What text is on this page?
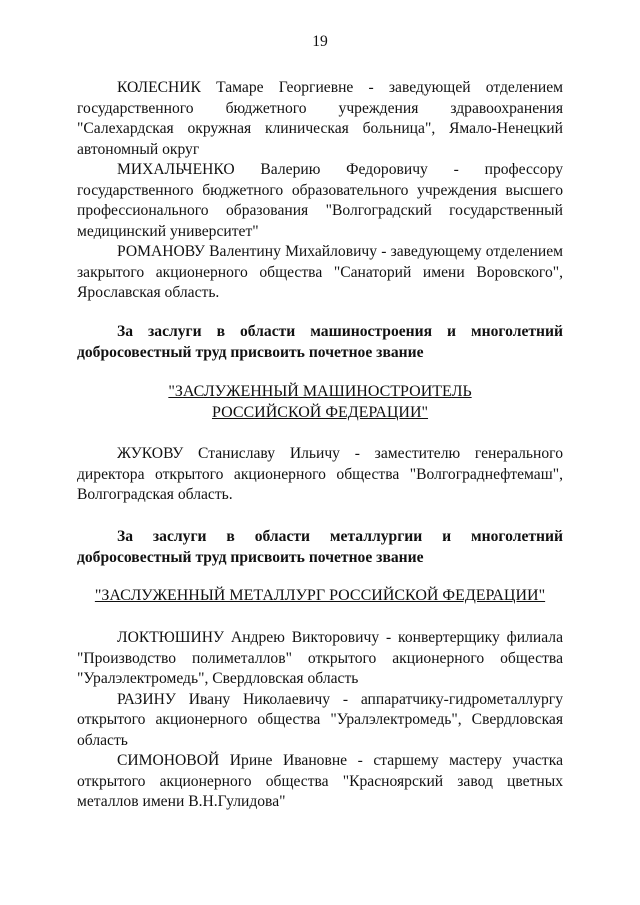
19

КОЛЕСНИК Тамаре Георгиевне - заведующей отделением государственного бюджетного учреждения здравоохранения "Салехардская окружная клиническая больница", Ямало-Ненецкий автономный округ

МИХАЛЬЧЕНКО Валерию Федоровичу - профессору государственного бюджетного образовательного учреждения высшего профессионального образования "Волгоградский государственный медицинский университет"

РОМАНОВУ Валентину Михайловичу - заведующему отделением закрытого акционерного общества "Санаторий имени Воровского", Ярославская область.

За заслуги в области машиностроения и многолетний добросовестный труд присвоить почетное звание

"ЗАСЛУЖЕННЫЙ МАШИНОСТРОИТЕЛЬ
РОССИЙСКОЙ ФЕДЕРАЦИИ"

ЖУКОВУ Станиславу Ильичу - заместителю генерального директора открытого акционерного общества "Волгограднефтемаш", Волгоградская область.

За заслуги в области металлургии и многолетний добросовестный труд присвоить почетное звание

"ЗАСЛУЖЕННЫЙ МЕТАЛЛУРГ РОССИЙСКОЙ ФЕДЕРАЦИИ"

ЛОКТЮШИНУ Андрею Викторовичу - конвертерщику филиала "Производство полиметаллов" открытого акционерного общества "Уралэлектромедь", Свердловская область

РАЗИНУ Ивану Николаевичу - аппаратчику-гидрометаллургу открытого акционерного общества "Уралэлектромедь", Свердловская область

СИМОНОВОЙ Ирине Ивановне - старшему мастеру участка открытого акционерного общества "Красноярский завод цветных металлов имени В.Н.Гулидова"
